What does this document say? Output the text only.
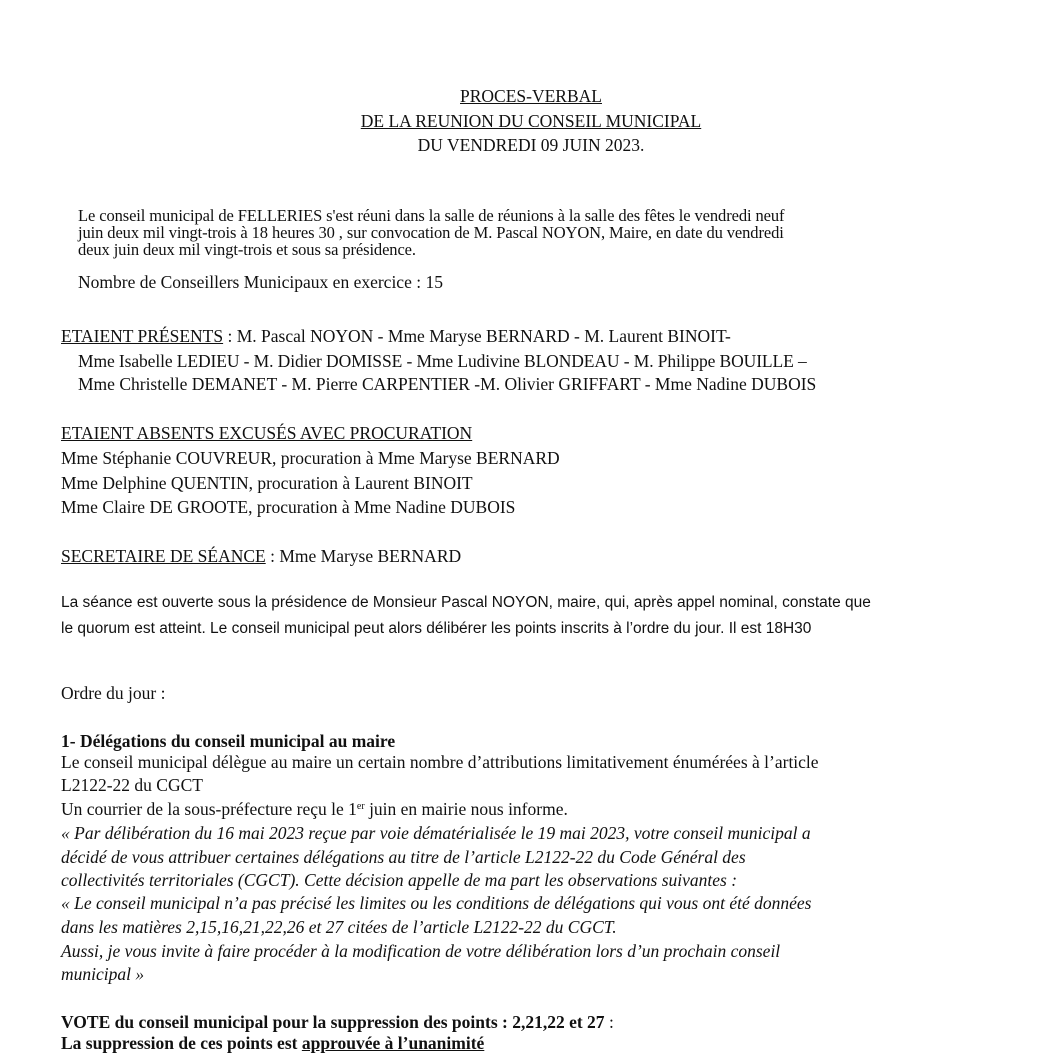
PROCES-VERBAL
DE LA REUNION DU CONSEIL MUNICIPAL
DU VENDREDI 09 JUIN 2023.
Le conseil municipal de FELLERIES s'est réuni dans la salle de réunions à la salle des fêtes le vendredi neuf
juin deux mil vingt-trois à 18 heures 30 , sur convocation de M. Pascal NOYON, Maire, en date du vendredi
deux juin deux mil vingt-trois et sous sa présidence.
Nombre de Conseillers Municipaux en exercice : 15
ETAIENT PRÉSENTS : M. Pascal NOYON - Mme Maryse BERNARD - M. Laurent BINOIT-
Mme Isabelle LEDIEU - M. Didier DOMISSE - Mme Ludivine BLONDEAU - M. Philippe BOUILLE –
Mme Christelle DEMANET - M. Pierre CARPENTIER -M. Olivier GRIFFART - Mme Nadine DUBOIS
ETAIENT ABSENTS EXCUSÉS AVEC PROCURATION
Mme Stéphanie COUVREUR, procuration à Mme Maryse BERNARD
Mme Delphine QUENTIN, procuration à Laurent BINOIT
Mme Claire DE GROOTE, procuration à Mme Nadine DUBOIS
SECRETAIRE DE SÉANCE : Mme Maryse BERNARD
La séance est ouverte sous la présidence de Monsieur Pascal NOYON, maire, qui, après appel nominal, constate que
le quorum est atteint. Le conseil municipal peut alors délibérer les points inscrits à l’ordre du jour. Il est 18H30
Ordre du jour :
1- Délégations du conseil municipal au maire
Le conseil municipal délègue au maire un certain nombre d’attributions limitativement énumérées à l’article
L2122-22 du CGCT
Un courrier de la sous-préfecture reçu le 1er juin en mairie nous informe.
« Par délibération du 16 mai 2023 reçue par voie dématérialisée le 19 mai 2023, votre conseil municipal a
décidé de vous attribuer certaines délégations au titre de l’article L2122-22 du Code Général des
collectivités territoriales (CGCT). Cette décision appelle de ma part les observations suivantes :
« Le conseil municipal n’a pas précisé les limites ou les conditions de délégations qui vous ont été données
dans les matières 2,15,16,21,22,26 et 27 citées de l’article L2122-22 du CGCT.
Aussi, je vous invite à faire procéder à la modification de votre délibération lors d’un prochain conseil
municipal »
VOTE du conseil municipal pour la suppression des points : 2,21,22 et 27 :
La suppression de ces points est approuvée à l’unanimité
